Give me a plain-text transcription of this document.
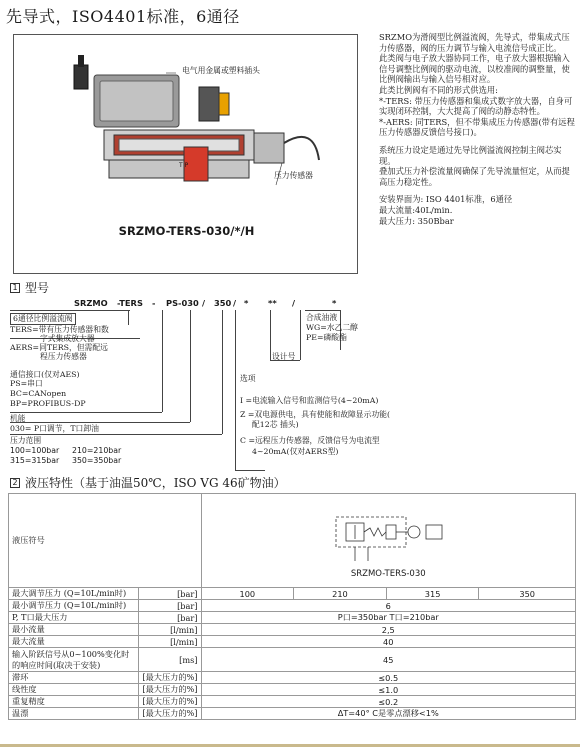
先导式，ISO4401标准，6通径
电气用金属或塑料插头
T P
压力传感器
SRZMO-TERS-030/*/H

SRZMO为滑阀型比例溢流阀，先导式，带集成式压力传感器，阀的压力调节与输入电流信号成正比。

此类阀与电子放大器协同工作，电子放大器根据输入信号调整比例阀的驱动电流，以校准阀的调整量，使比例阀输出与输入信号相对应。

此类比例阀有不同的形式供选用:

*-TERS: 带压力传感器和集成式数字放大器，自身可实现闭环控制，大大提高了阀的动静态特性。

*-AERS: 同TERS，但不带集成压力传感器(带有远程压力传感器反馈信号接口)。

系统压力设定是通过先导比例溢流阀控制主阀芯实现。

叠加式压力补偿流量阀确保了先导流量恒定，从而提高压力稳定性。

安装界面为: ISO 4401标准，6通径

最大流量:40L/min.

最大压力: 350Bbar

1 型号
SRZMO -TERS - PS -030 / 350 / * ** /	*
6通径比例溢流阀
TERS=带有压力传感器和数
字式集成放大器
AERS=同TERS，但需配远
程压力传感器
通信接口(仅对AES)
PS=串口
BC=CANopen
BP=PROFIBUS-DP
机能
030= P口调节，T口卸油
压力范围
100=100bar 210=210bar
315=315bar 350=350bar
合成油液
WG=水乙二醇
PE=磷酸酯
设计号
选项
I =电流输入信号和监测信号(4~20mA)
Z =双电源供电，具有使能和故障显示功能(
配12芯 插头)
C =远程压力传感器，反馈信号为电流型
4~20mA(仅对AERS型)
2 液压特性（基于油温50℃，ISO VG 46矿物油）
液压符号		SRZMO-TERS-030			

最大调节压力 (Q=10L/min时)	[bar]	100	210	315	350
最小调节压力 (Q=10L/min时)	[bar]	6			
P, T口最大压力	[bar]	P口=350bar T口=210bar			
最小流量	[l/min]	2,5			
最大流量	[l/min]	40			
输入阶跃信号从0~100%变化时的响应时间(取决于安装)	[ms]	45			
滞环	[最大压力的%]	≤0.5			
线性度	[最大压力的%]	≤1.0			
重复精度	[最大压力的%]	≤0.2			
温漂	[最大压力的%]	ΔT=40° C是零点漂移<1%			
